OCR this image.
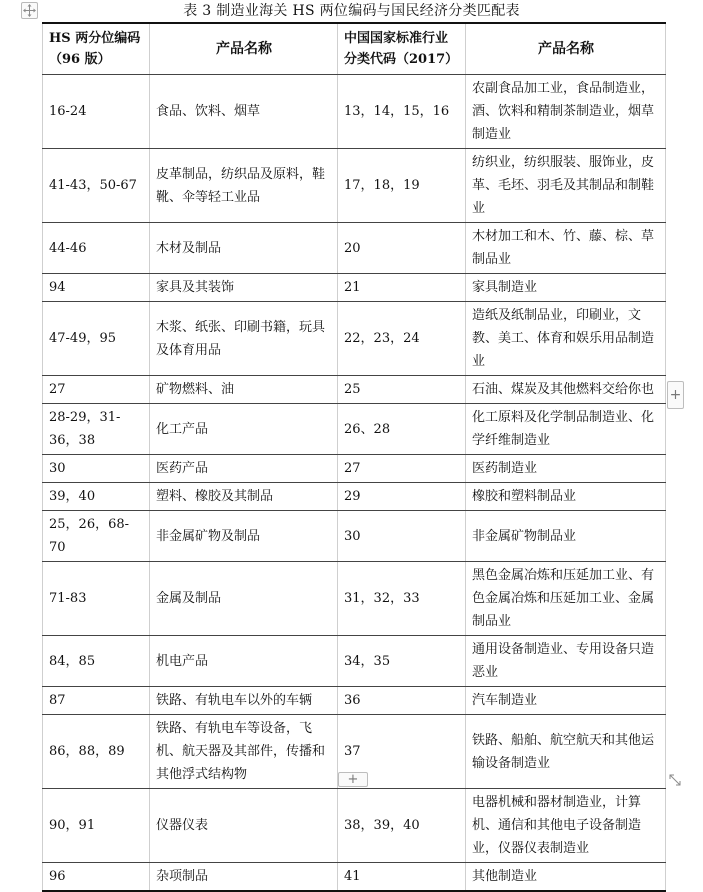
表 3 制造业海关 HS 两位编码与国民经济分类匹配表
HS 两分位编码（96 版）	产品名称	中国国家标准行业分类代码（2017）	产品名称
16-24	食品、饮料、烟草	13，14，15，16	农副食品加工业，食品制造业，酒、饮料和精制茶制造业，烟草制造业
41-43，50-67	皮革制品，纺织品及原料，鞋靴、伞等轻工业品	17，18，19	纺织业，纺织服装、服饰业，皮革、毛坯、羽毛及其制品和制鞋业
44-46	木材及制品	20	木材加工和木、竹、藤、棕、草制品业
94	家具及其装饰	21	家具制造业
47-49，95	木浆、纸张、印刷书籍，玩具及体育用品	22，23，24	造纸及纸制品业，印刷业，文教、美工、体育和娱乐用品制造业
27	矿物燃料、油	25	石油、煤炭及其他燃料交给你也
28-29，31-36，38	化工产品	26、28	化工原料及化学制品制造业、化学纤维制造业
30	医药产品	27	医药制造业
39，40	塑料、橡胶及其制品	29	橡胶和塑料制品业
25，26，68-70	非金属矿物及制品	30	非金属矿物制品业
71-83	金属及制品	31，32，33	黑色金属冶炼和压延加工业、有色金属冶炼和压延加工业、金属制品业
84，85	机电产品	34，35	通用设备制造业、专用设备只造恶业
87	铁路、有轨电车以外的车辆	36	汽车制造业
86，88，89	铁路、有轨电车等设备，飞机、航天器及其部件，传播和其他浮式结构物	37	铁路、船舶、航空航天和其他运输设备制造业
90，91	仪器仪表	38，39，40	电器机械和器材制造业，计算机、通信和其他电子设备制造业，仪器仪表制造业
96	杂项制品	41	其他制造业
+
+
